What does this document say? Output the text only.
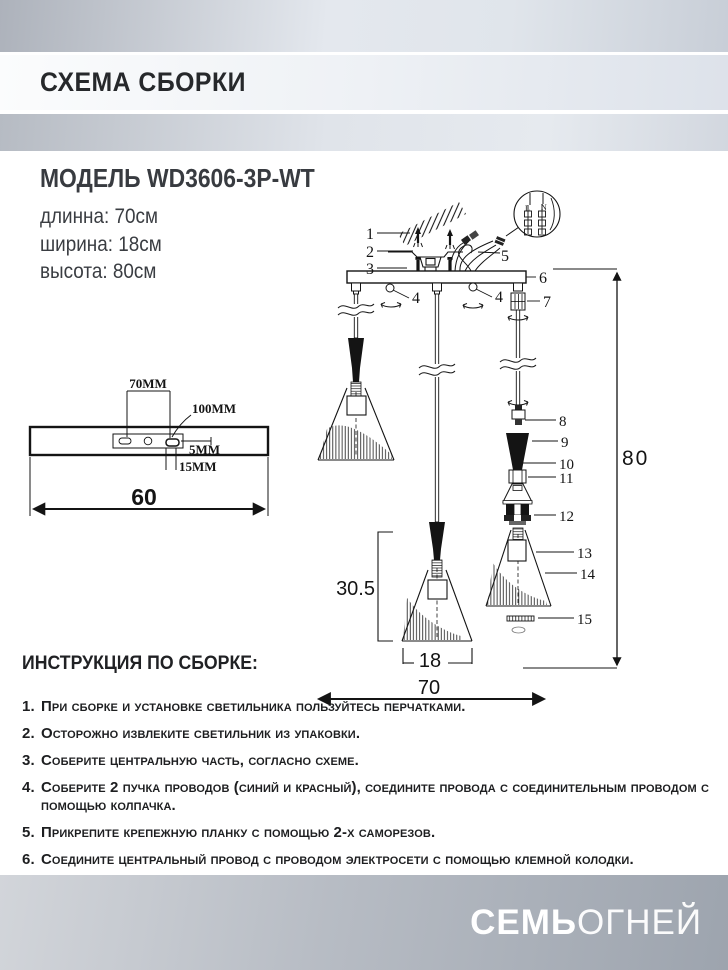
СХЕМА СБОРКИ
МОДЕЛЬ WD3606-3P-WT
длинна: 70см
ширина: 18см
высота: 80см
L N
80
30.5
18
70
1
2
3
4	4
5
6
7
8
9
10
11
12
13
14
15
70MM
100MM
5MM
15MM
60
ИНСТРУКЦИЯ ПО СБОРКЕ:
1. При сборке и установке светильника пользуйтесь перчатками.
2. Осторожно извлеките светильник из упаковки.
3. Соберите центральную часть, согласно схеме.
4. Соберите 2 пучка проводов (синий и красный), соедините провода с соединительным проводом с помощью колпачка.
5. Прикрепите крепежную планку с помощью 2-х саморезов.
6. Соедините центральный провод с проводом электросети с помощью клемной колодки.
СЕМЬОГНЕЙ
